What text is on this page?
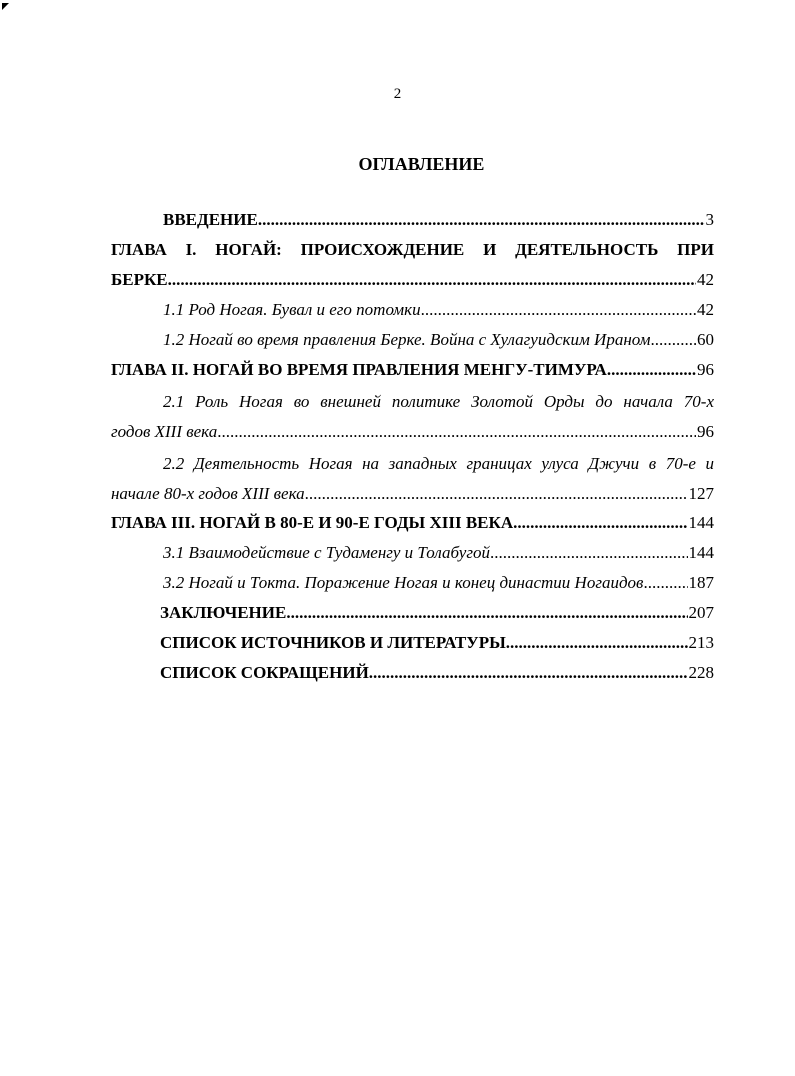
2
ОГЛАВЛЕНИЕ
ВВЕДЕНИЕ .....	3
ГЛАВА I. НОГАЙ: ПРОИСХОЖДЕНИЕ И ДЕЯТЕЛЬНОСТЬ ПРИ
БЕРКЕ .....	42
1.1 Род Ногая. Бувал и его потомки .....	42
1.2 Ногай во время правления Берке. Война с Хулагуидским Ираном .....	60
ГЛАВА II. НОГАЙ ВО ВРЕМЯ ПРАВЛЕНИЯ МЕНГУ-ТИМУРА .....	96
2.1 Роль Ногая во внешней политике Золотой Орды до начала 70-х
годов XIII века .....	96
2.2 Деятельность Ногая на западных границах улуса Джучи в 70-е и
начале 80-х годов XIII века .....	127
ГЛАВА III. НОГАЙ В 80-Е И 90-Е ГОДЫ XIII ВЕКА .....	144
3.1 Взаимодействие с Тудаменгу и Толабугой .....	144
3.2 Ногай и Токта. Поражение Ногая и конец династии Ногаидов .....	187
ЗАКЛЮЧЕНИЕ .....	207
СПИСОК ИСТОЧНИКОВ И ЛИТЕРАТУРЫ .....	213
СПИСОК СОКРАЩЕНИЙ .....	228
